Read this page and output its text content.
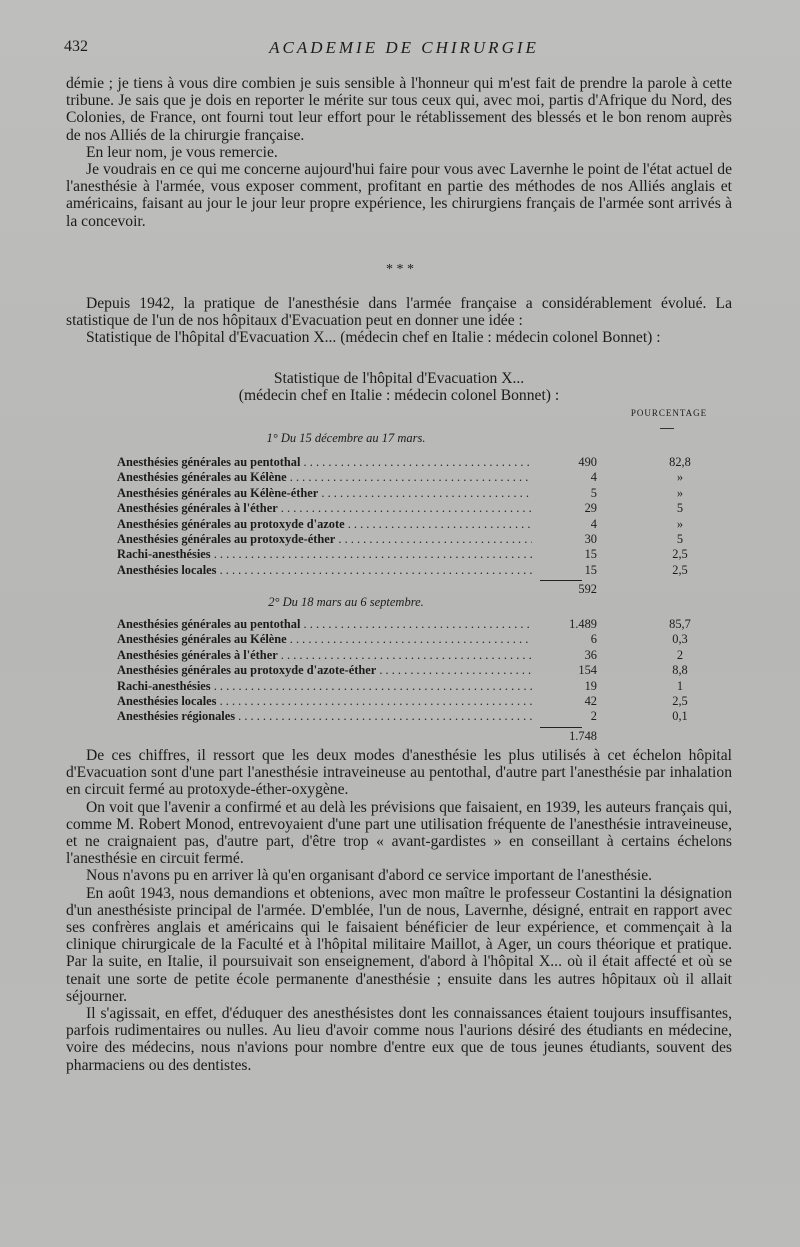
432	ACADEMIE DE CHIRURGIE

démie ; je tiens à vous dire combien je suis sensible à l'honneur qui m'est fait de prendre la parole à cette tribune. Je sais que je dois en reporter le mérite sur tous ceux qui, avec moi, partis d'Afrique du Nord, des Colonies, de France, ont fourni tout leur effort pour le rétablissement des blessés et le bon renom auprès de nos Alliés de la chirurgie française.

En leur nom, je vous remercie.

Je voudrais en ce qui me concerne aujourd'hui faire pour vous avec Lavernhe le point de l'état actuel de l'anesthésie à l'armée, vous exposer comment, profitant en partie des méthodes de nos Alliés anglais et américains, faisant au jour le jour leur propre expérience, les chirurgiens français de l'armée sont arrivés à la concevoir.

* * *

Depuis 1942, la pratique de l'anesthésie dans l'armée française a considérablement évolué. La statistique de l'un de nos hôpitaux d'Evacuation peut en donner une idée :

Statistique de l'hôpital d'Evacuation X... (médecin chef en Italie : médecin colonel Bonnet) :

Statistique de l'hôpital d'Evacuation X...
(médecin chef en Italie : médecin colonel Bonnet) :
POURCENTAGE
1° Du 15 décembre au 17 mars.
Anesthésies générales au pentothal . . .	490	82,8
Anesthésies générales au Kélène . . .	4	»
Anesthésies générales au Kélène-éther . . .	5	»
Anesthésies générales à l'éther . . .	29	5
Anesthésies générales au protoxyde d'azote . . .	4	»
Anesthésies générales au protoxyde-éther . . .	30	5
Rachi-anesthésies . . .	15	2,5
Anesthésies locales . . .	15	2,5
592
2° Du 18 mars au 6 septembre.
Anesthésies générales au pentothal . . .	1.489	85,7
Anesthésies générales au Kélène . . .	6	0,3
Anesthésies générales à l'éther . . .	36	2
Anesthésies générales au protoxyde d'azote-éther . . .	154	8,8
Rachi-anesthésies . . .	19	1
Anesthésies locales . . .	42	2,5
Anesthésies régionales . . .	2	0,1
1.748

De ces chiffres, il ressort que les deux modes d'anesthésie les plus utilisés à cet échelon hôpital d'Evacuation sont d'une part l'anesthésie intraveineuse au pentothal, d'autre part l'anesthésie par inhalation en circuit fermé au protoxyde-éther-oxygène.

On voit que l'avenir a confirmé et au delà les prévisions que faisaient, en 1939, les auteurs français qui, comme M. Robert Monod, entrevoyaient d'une part une utilisation fréquente de l'anesthésie intraveineuse, et ne craignaient pas, d'autre part, d'être trop « avant-gardistes » en conseillant à certains échelons l'anesthésie en circuit fermé.

Nous n'avons pu en arriver là qu'en organisant d'abord ce service important de l'anesthésie.

En août 1943, nous demandions et obtenions, avec mon maître le professeur Costantini la désignation d'un anesthésiste principal de l'armée. D'emblée, l'un de nous, Lavernhe, désigné, entrait en rapport avec ses confrères anglais et américains qui le faisaient bénéficier de leur expérience, et commençait à la clinique chirurgicale de la Faculté et à l'hôpital militaire Maillot, à Ager, un cours théorique et pratique. Par la suite, en Italie, il poursuivait son enseignement, d'abord à l'hôpital X... où il était affecté et où se tenait une sorte de petite école permanente d'anesthésie ; ensuite dans les autres hôpitaux où il allait séjourner.

Il s'agissait, en effet, d'éduquer des anesthésistes dont les connaissances étaient toujours insuffisantes, parfois rudimentaires ou nulles. Au lieu d'avoir comme nous l'aurions désiré des étudiants en médecine, voire des médecins, nous n'avions pour nombre d'entre eux que de tous jeunes étudiants, souvent des pharmaciens ou des dentistes.
